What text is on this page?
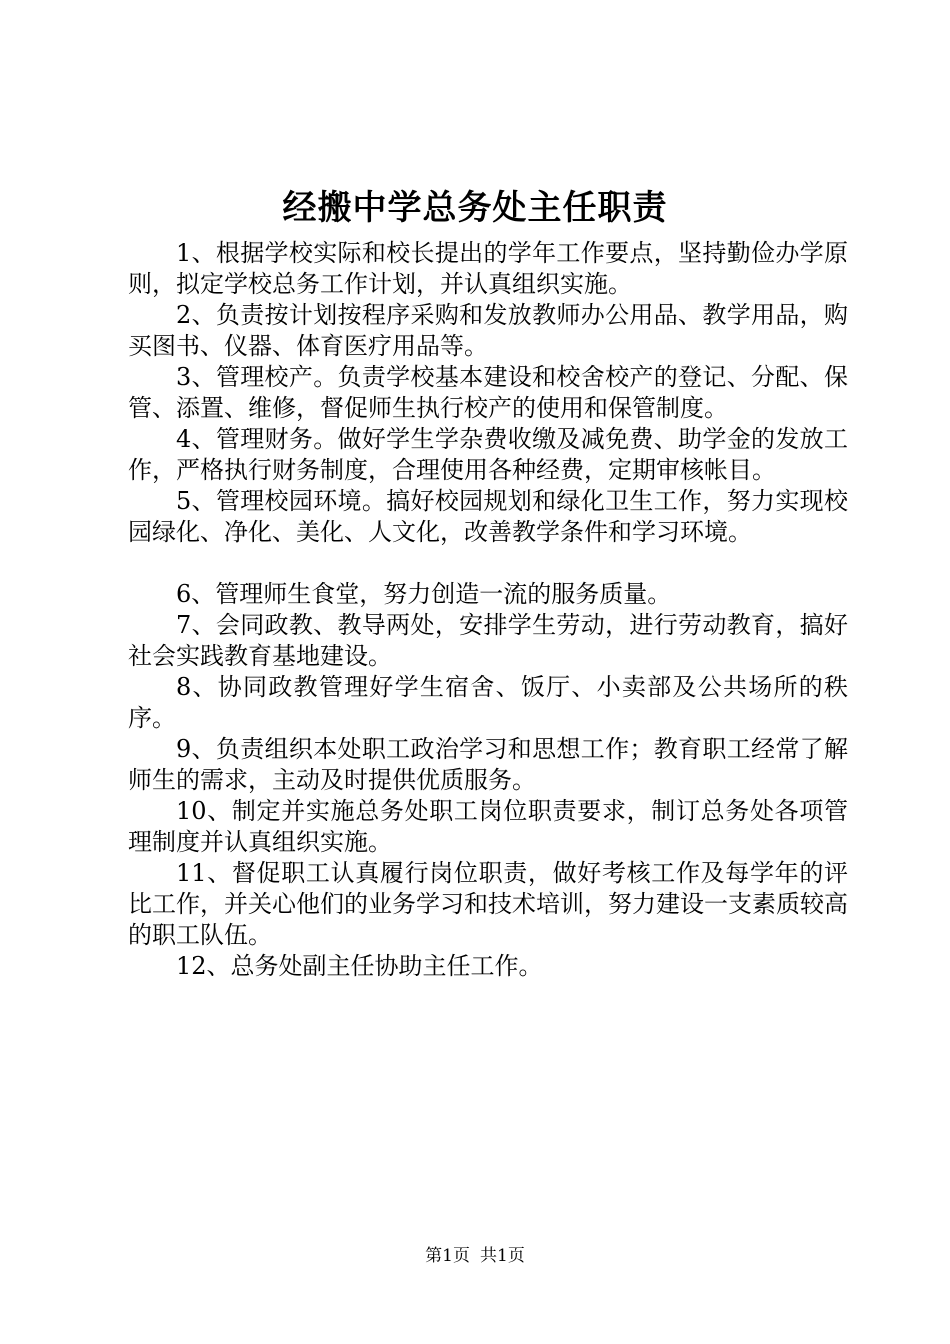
经搬中学总务处主任职责

1、根据学校实际和校长提出的学年工作要点，坚持勤俭办学原则，拟定学校总务工作计划，并认真组织实施。

2、负责按计划按程序采购和发放教师办公用品、教学用品，购买图书、仪器、体育医疗用品等。

3、管理校产。负责学校基本建设和校舍校产的登记、分配、保管、添置、维修，督促师生执行校产的使用和保管制度。

4、管理财务。做好学生学杂费收缴及减免费、助学金的发放工作，严格执行财务制度，合理使用各种经费，定期审核帐目。

5、管理校园环境。搞好校园规划和绿化卫生工作，努力实现校园绿化、净化、美化、人文化，改善教学条件和学习环境。

6、管理师生食堂，努力创造一流的服务质量。

7、会同政教、教导两处，安排学生劳动，进行劳动教育，搞好社会实践教育基地建设。

8、协同政教管理好学生宿舍、饭厅、小卖部及公共场所的秩序。

9、负责组织本处职工政治学习和思想工作；教育职工经常了解师生的需求，主动及时提供优质服务。

10、制定并实施总务处职工岗位职责要求，制订总务处各项管理制度并认真组织实施。

11、督促职工认真履行岗位职责，做好考核工作及每学年的评比工作，并关心他们的业务学习和技术培训，努力建设一支素质较高的职工队伍。

12、总务处副主任协助主任工作。

第1页 共1页
